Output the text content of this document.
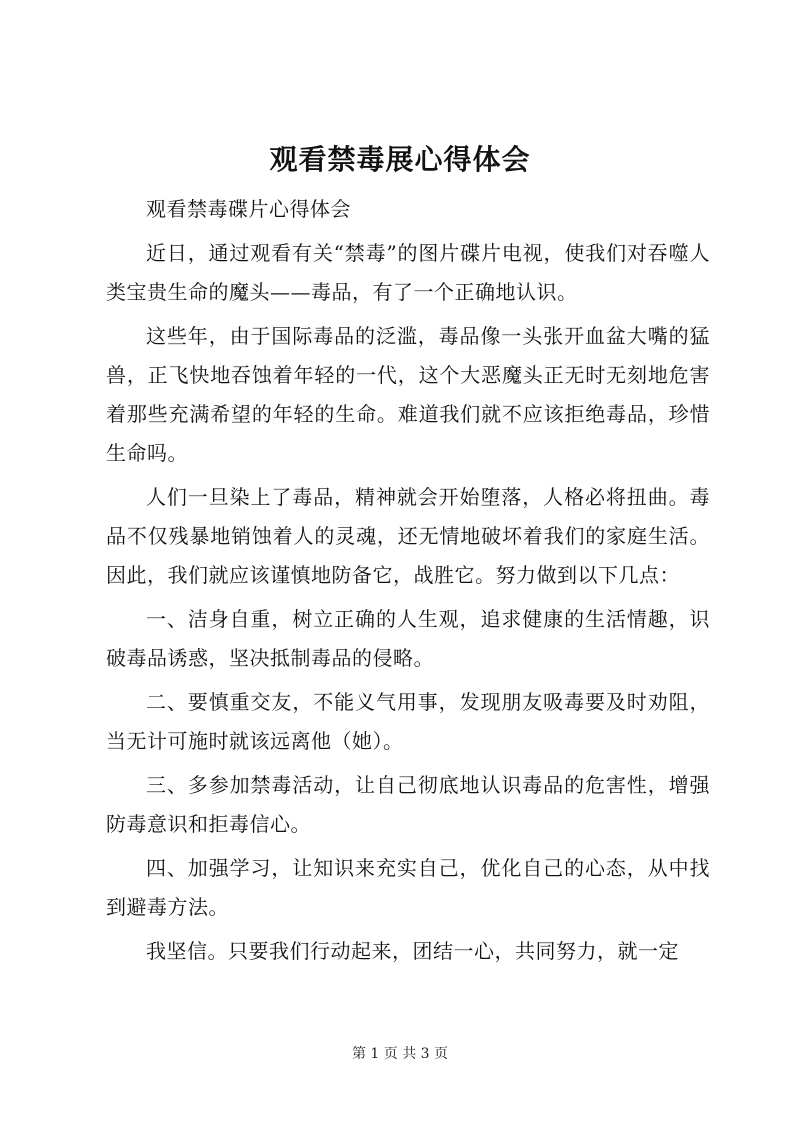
观看禁毒展心得体会

观看禁毒碟片心得体会

近日，通过观看有关“禁毒”的图片碟片电视，使我们对吞噬人类宝贵生命的魔头——毒品，有了一个正确地认识。

这些年，由于国际毒品的泛滥，毒品像一头张开血盆大嘴的猛兽，正飞快地吞蚀着年轻的一代，这个大恶魔头正无时无刻地危害着那些充满希望的年轻的生命。难道我们就不应该拒绝毒品，珍惜生命吗。

人们一旦染上了毒品，精神就会开始堕落，人格必将扭曲。毒品不仅残暴地销蚀着人的灵魂，还无情地破坏着我们的家庭生活。因此，我们就应该谨慎地防备它，战胜它。努力做到以下几点：

一、洁身自重，树立正确的人生观，追求健康的生活情趣，识破毒品诱惑，坚决抵制毒品的侵略。

二、要慎重交友，不能义气用事，发现朋友吸毒要及时劝阻，当无计可施时就该远离他（她）。

三、多参加禁毒活动，让自己彻底地认识毒品的危害性，增强防毒意识和拒毒信心。

四、加强学习，让知识来充实自己，优化自己的心态，从中找到避毒方法。

我坚信。只要我们行动起来，团结一心，共同努力，就一定

第 1 页 共 3 页
